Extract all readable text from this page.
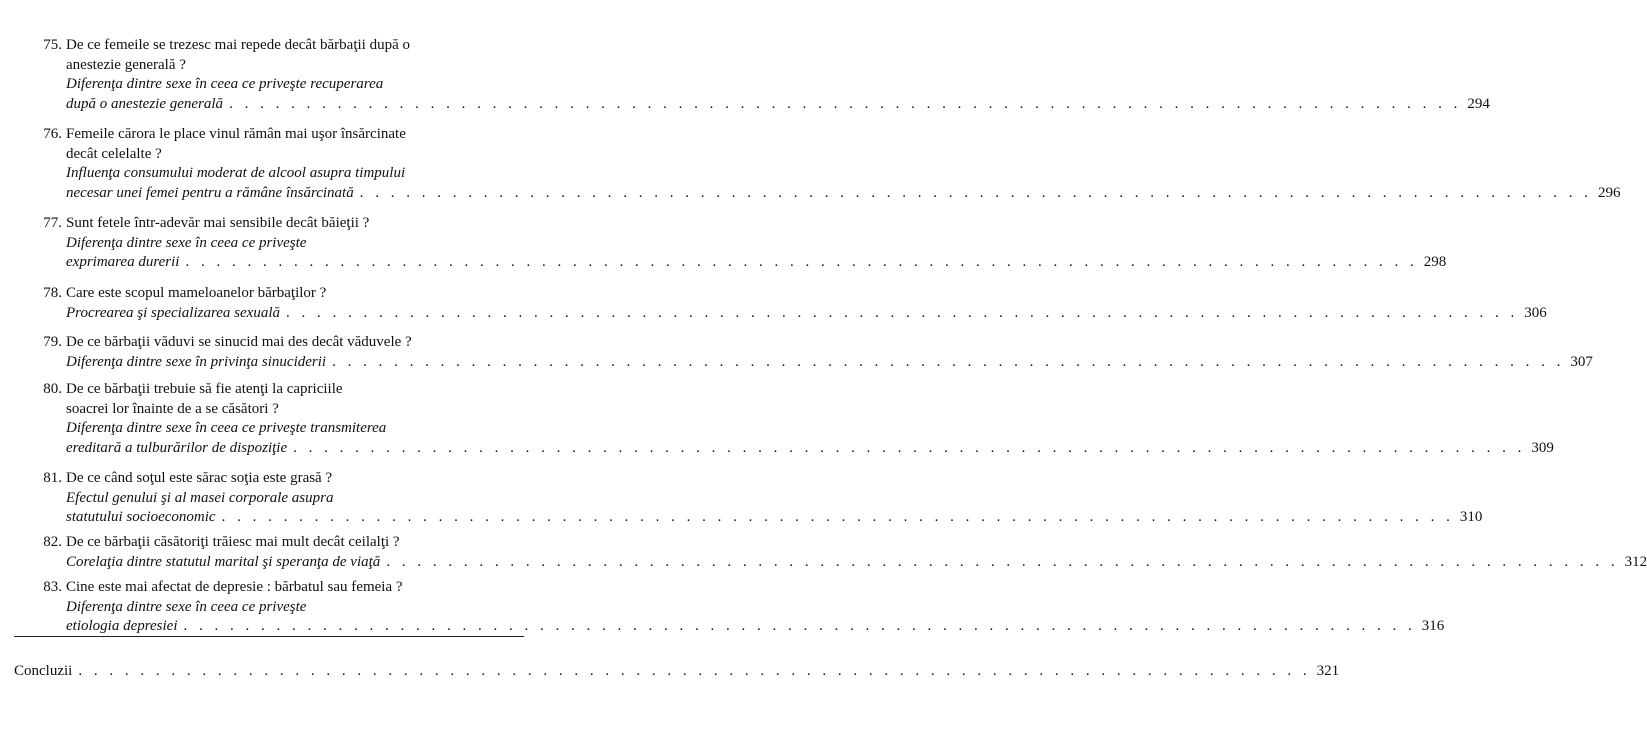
75. De ce femeile se trezesc mai repede decât bărbaţii după o
anestezie generală ?
Diferenţa dintre sexe în ceea ce priveşte recuperarea
după o anestezie generală . . . . . . . . . . . . . . . . . . . . . . . . . . . . . . . . . . . . . . . . . . . . . . . . . . . . . . . . . . . . . . . . . . . . . . . . . . . . . . . . 294
76. Femeile cărora le place vinul rămân mai uşor însărcinate
decât celelalte ?
Influenţa consumului moderat de alcool asupra timpului
necesar unei femei pentru a rămâne însărcinată . . . . . . . . . . . . . . . . . . . . . . . . . . . . . . . . . . . . . . . . . . . . . . . . . . . . . . . . . . . . . . . . . . . . . . . . . . . . . . . . 296
77. Sunt fetele într-adevăr mai sensibile decât băieţii ?
Diferenţa dintre sexe în ceea ce priveşte
exprimarea durerii . . . . . . . . . . . . . . . . . . . . . . . . . . . . . . . . . . . . . . . . . . . . . . . . . . . . . . . . . . . . . . . . . . . . . . . . . . . . . . . . 298
78. Care este scopul mameloanelor bărbaţilor ?
Procrearea şi specializarea sexuală . . . . . . . . . . . . . . . . . . . . . . . . . . . . . . . . . . . . . . . . . . . . . . . . . . . . . . . . . . . . . . . . . . . . . . . . . . . . . . . . 306
79. De ce bărbaţii văduvi se sinucid mai des decât văduvele ?
Diferenţa dintre sexe în privinţa sinuciderii . . . . . . . . . . . . . . . . . . . . . . . . . . . . . . . . . . . . . . . . . . . . . . . . . . . . . . . . . . . . . . . . . . . . . . . . . . . . . . . . 307
80. De ce bărbaţii trebuie să fie atenţi la capriciile
soacrei lor înainte de a se căsători ?
Diferenţa dintre sexe în ceea ce priveşte transmiterea
ereditară a tulburărilor de dispoziţie . . . . . . . . . . . . . . . . . . . . . . . . . . . . . . . . . . . . . . . . . . . . . . . . . . . . . . . . . . . . . . . . . . . . . . . . . . . . . . . . 309
81. De ce când soţul este sărac soţia este grasă ?
Efectul genului şi al masei corporale asupra
statutului socioeconomic . . . . . . . . . . . . . . . . . . . . . . . . . . . . . . . . . . . . . . . . . . . . . . . . . . . . . . . . . . . . . . . . . . . . . . . . . . . . . . . . 310
82. De ce bărbaţii căsătoriţi trăiesc mai mult decât ceilalţi ?
Corelaţia dintre statutul marital şi speranţa de viaţă . . . . . . . . . . . . . . . . . . . . . . . . . . . . . . . . . . . . . . . . . . . . . . . . . . . . . . . . . . . . . . . . . . . . . . . . . . . . . . . . 312
83. Cine este mai afectat de depresie : bărbatul sau femeia ?
Diferenţa dintre sexe în ceea ce priveşte
etiologia depresiei . . . . . . . . . . . . . . . . . . . . . . . . . . . . . . . . . . . . . . . . . . . . . . . . . . . . . . . . . . . . . . . . . . . . . . . . . . . . . . . . 316
Concluzii . . . . . . . . . . . . . . . . . . . . . . . . . . . . . . . . . . . . . . . . . . . . . . . . . . . . . . . . . . . . . . . . . . . . . . . . . . . . . . . . 321
